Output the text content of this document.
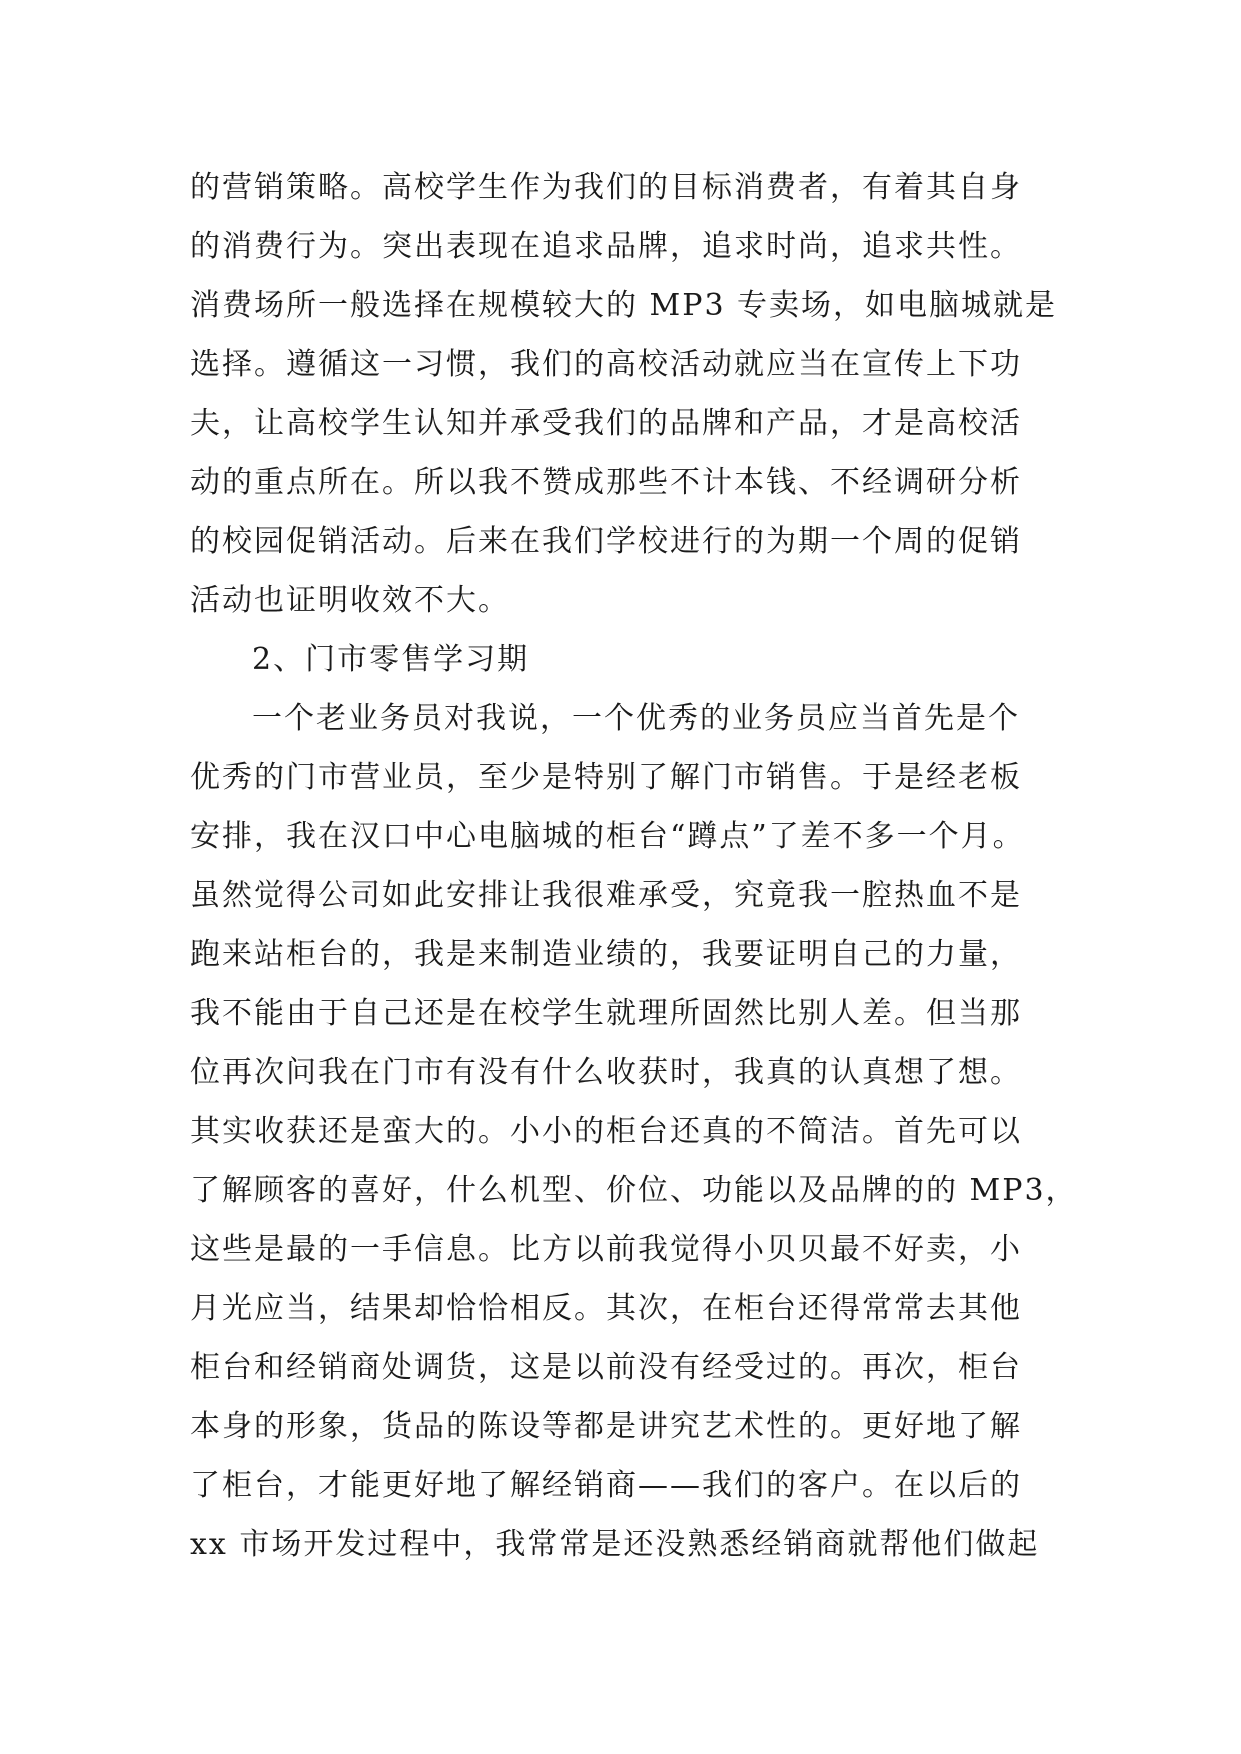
的营销策略。高校学生作为我们的目标消费者，有着其自身
的消费行为。突出表现在追求品牌，追求时尚，追求共性。
消费场所一般选择在规模较大的 MP3 专卖场，如电脑城就是
选择。遵循这一习惯，我们的高校活动就应当在宣传上下功
夫，让高校学生认知并承受我们的品牌和产品，才是高校活
动的重点所在。所以我不赞成那些不计本钱、不经调研分析
的校园促销活动。后来在我们学校进行的为期一个周的促销
活动也证明收效不大。
2、门市零售学习期
一个老业务员对我说，一个优秀的业务员应当首先是个
优秀的门市营业员，至少是特别了解门市销售。于是经老板
安排，我在汉口中心电脑城的柜台“蹲点”了差不多一个月。
虽然觉得公司如此安排让我很难承受，究竟我一腔热血不是
跑来站柜台的，我是来制造业绩的，我要证明自己的力量，
我不能由于自己还是在校学生就理所固然比别人差。但当那
位再次问我在门市有没有什么收获时，我真的认真想了想。
其实收获还是蛮大的。小小的柜台还真的不简洁。首先可以
了解顾客的喜好，什么机型、价位、功能以及品牌的的 MP3，
这些是最的一手信息。比方以前我觉得小贝贝最不好卖，小
月光应当，结果却恰恰相反。其次，在柜台还得常常去其他
柜台和经销商处调货，这是以前没有经受过的。再次，柜台
本身的形象，货品的陈设等都是讲究艺术性的。更好地了解
了柜台，才能更好地了解经销商——我们的客户。在以后的
xx 市场开发过程中，我常常是还没熟悉经销商就帮他们做起
